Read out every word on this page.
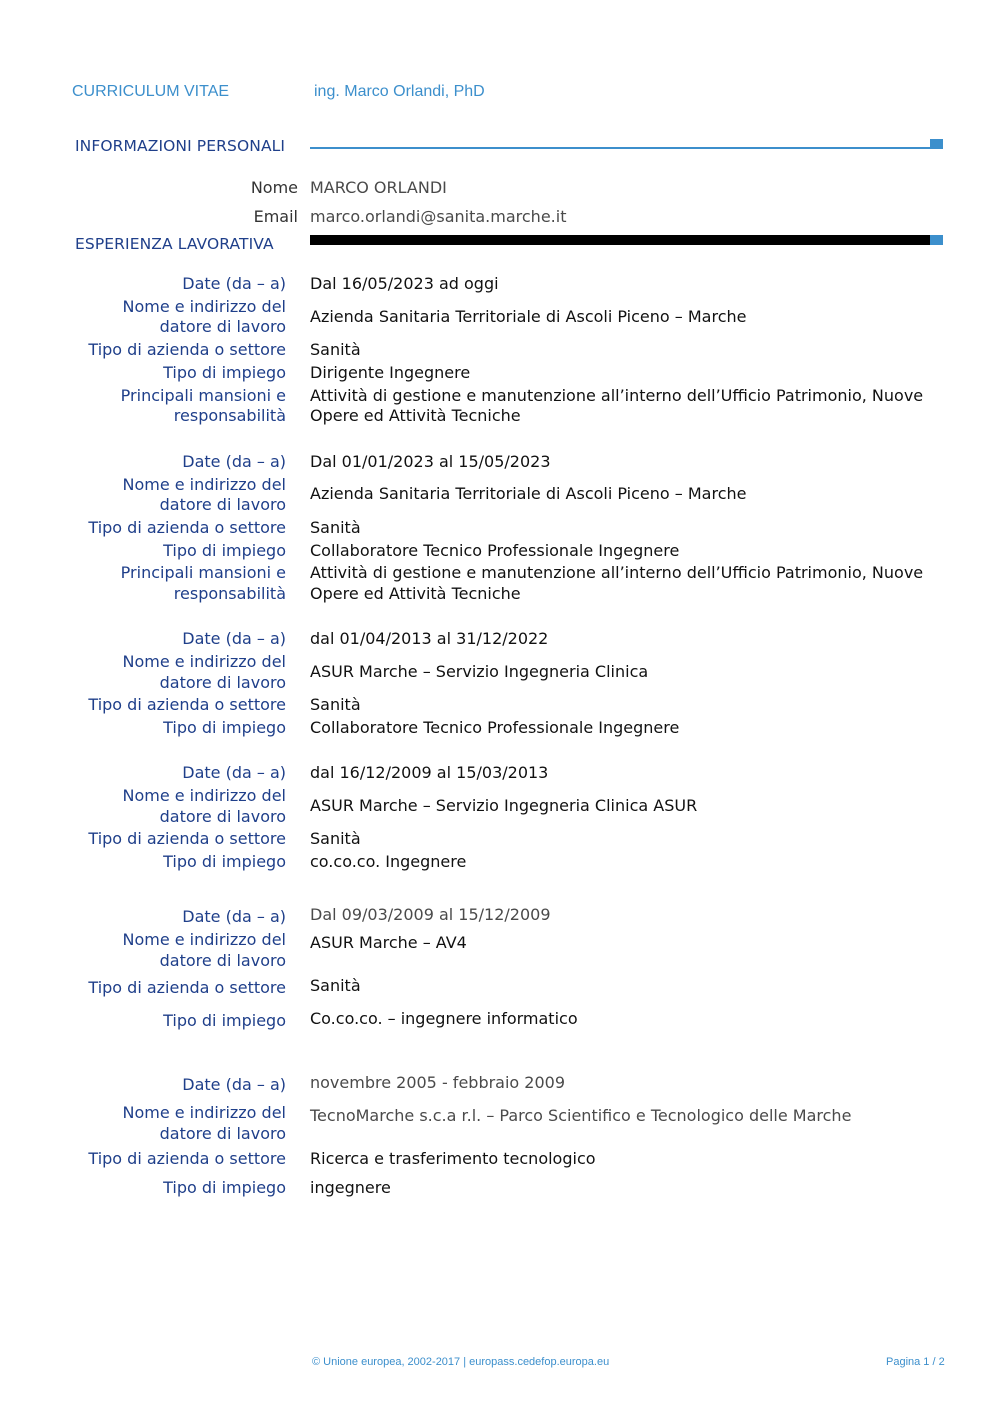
CURRICULUM VITAE	ing. Marco Orlandi, PhD
INFORMAZIONI PERSONALI
Nome MARCO ORLANDI
Email marco.orlandi@sanita.marche.it
ESPERIENZA LAVORATIVA
Date (da – a) Dal 16/05/2023 ad oggi
Nome e indirizzo del
datore di lavoro
Azienda Sanitaria Territoriale di Ascoli Piceno – Marche
Tipo di azienda o settore Sanità
Tipo di impiego Dirigente Ingegnere
Principali mansioni e
responsabilità
Attività di gestione e manutenzione all’interno dell’Ufficio Patrimonio, Nuove
Opere ed Attività Tecniche
Date (da – a) Dal 01/01/2023 al 15/05/2023
Nome e indirizzo del
datore di lavoro
Azienda Sanitaria Territoriale di Ascoli Piceno – Marche
Tipo di azienda o settore Sanità
Tipo di impiego Collaboratore Tecnico Professionale Ingegnere
Principali mansioni e
responsabilità
Attività di gestione e manutenzione all’interno dell’Ufficio Patrimonio, Nuove
Opere ed Attività Tecniche
Date (da – a) dal 01/04/2013 al 31/12/2022
Nome e indirizzo del
datore di lavoro
ASUR Marche – Servizio Ingegneria Clinica
Tipo di azienda o settore Sanità
Tipo di impiego Collaboratore Tecnico Professionale Ingegnere
Date (da – a) dal 16/12/2009 al 15/03/2013
Nome e indirizzo del
datore di lavoro
ASUR Marche – Servizio Ingegneria Clinica ASUR
Tipo di azienda o settore Sanità
Tipo di impiego co.co.co. Ingegnere
Date (da – a) Dal 09/03/2009 al 15/12/2009
Nome e indirizzo del
datore di lavoro
ASUR Marche – AV4
Tipo di azienda o settore Sanità
Tipo di impiego Co.co.co. – ingegnere informatico
Date (da – a) novembre 2005 - febbraio 2009
Nome e indirizzo del
datore di lavoro
TecnoMarche s.c.a r.l. – Parco Scientifico e Tecnologico delle Marche
Tipo di azienda o settore Ricerca e trasferimento tecnologico
Tipo di impiego ingegnere
© Unione europea, 2002-2017 | europass.cedefop.europa.eu	Pagina 1 / 2
